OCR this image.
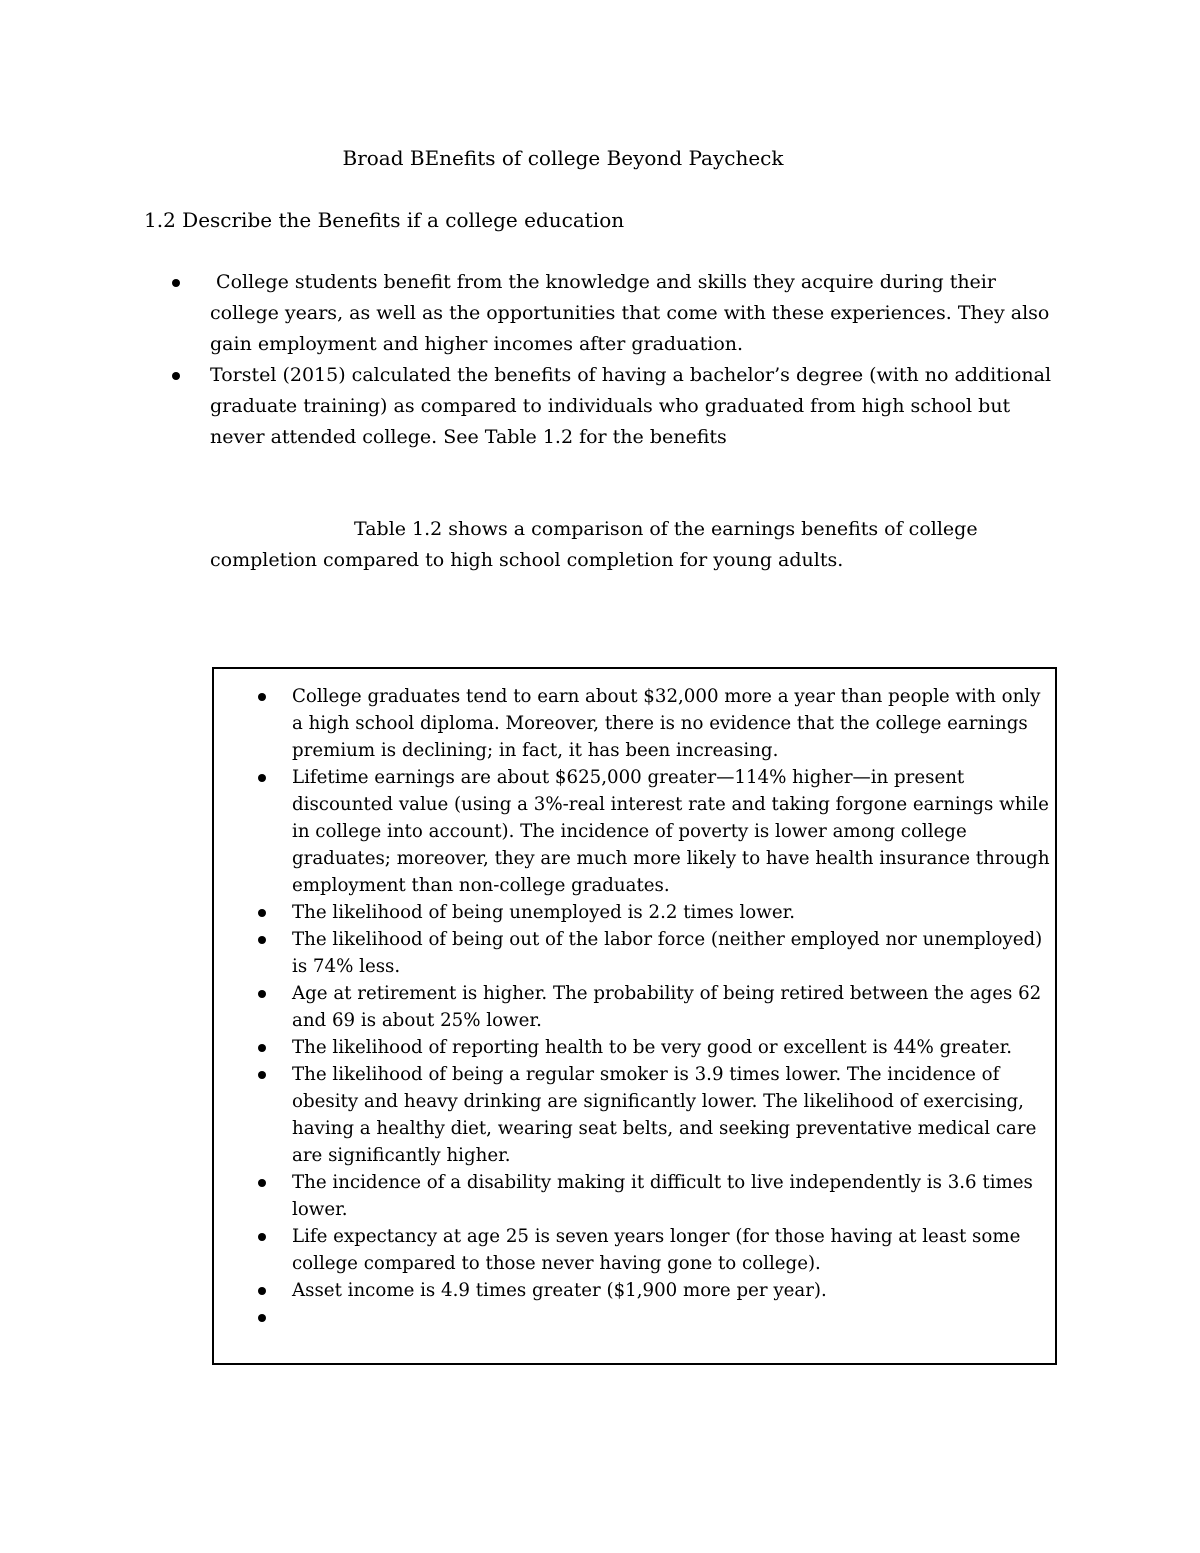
Broad BEnefits of college Beyond Paycheck
1.2 Describe the Benefits if a college education
College students benefit from the knowledge and skills they acquire during their college years, as well as the opportunities that come with these experiences. They also gain employment and higher incomes after graduation.
Torstel (2015) calculated the benefits of having a bachelor’s degree (with no additional graduate training) as compared to individuals who graduated from high school but never attended college. See Table 1.2 for the benefits

Table 1.2 shows a comparison of the earnings benefits of college completion compared to high school completion for young adults.

College graduates tend to earn about $32,000 more a year than people with only a high school diploma. Moreover, there is no evidence that the college earnings premium is declining; in fact, it has been increasing.
Lifetime earnings are about $625,000 greater—114% higher—in present discounted value (using a 3%-real interest rate and taking forgone earnings while in college into account). The incidence of poverty is lower among college graduates; moreover, they are much more likely to have health insurance through employment than non-college graduates.
The likelihood of being unemployed is 2.2 times lower.
The likelihood of being out of the labor force (neither employed nor unemployed) is 74% less.
Age at retirement is higher. The probability of being retired between the ages 62 and 69 is about 25% lower.
The likelihood of reporting health to be very good or excellent is 44% greater.
The likelihood of being a regular smoker is 3.9 times lower. The incidence of obesity and heavy drinking are significantly lower. The likelihood of exercising, having a healthy diet, wearing seat belts, and seeking preventative medical care are significantly higher.
The incidence of a disability making it difficult to live independently is 3.6 times lower.
Life expectancy at age 25 is seven years longer (for those having at least some college compared to those never having gone to college).
Asset income is 4.9 times greater ($1,900 more per year).
